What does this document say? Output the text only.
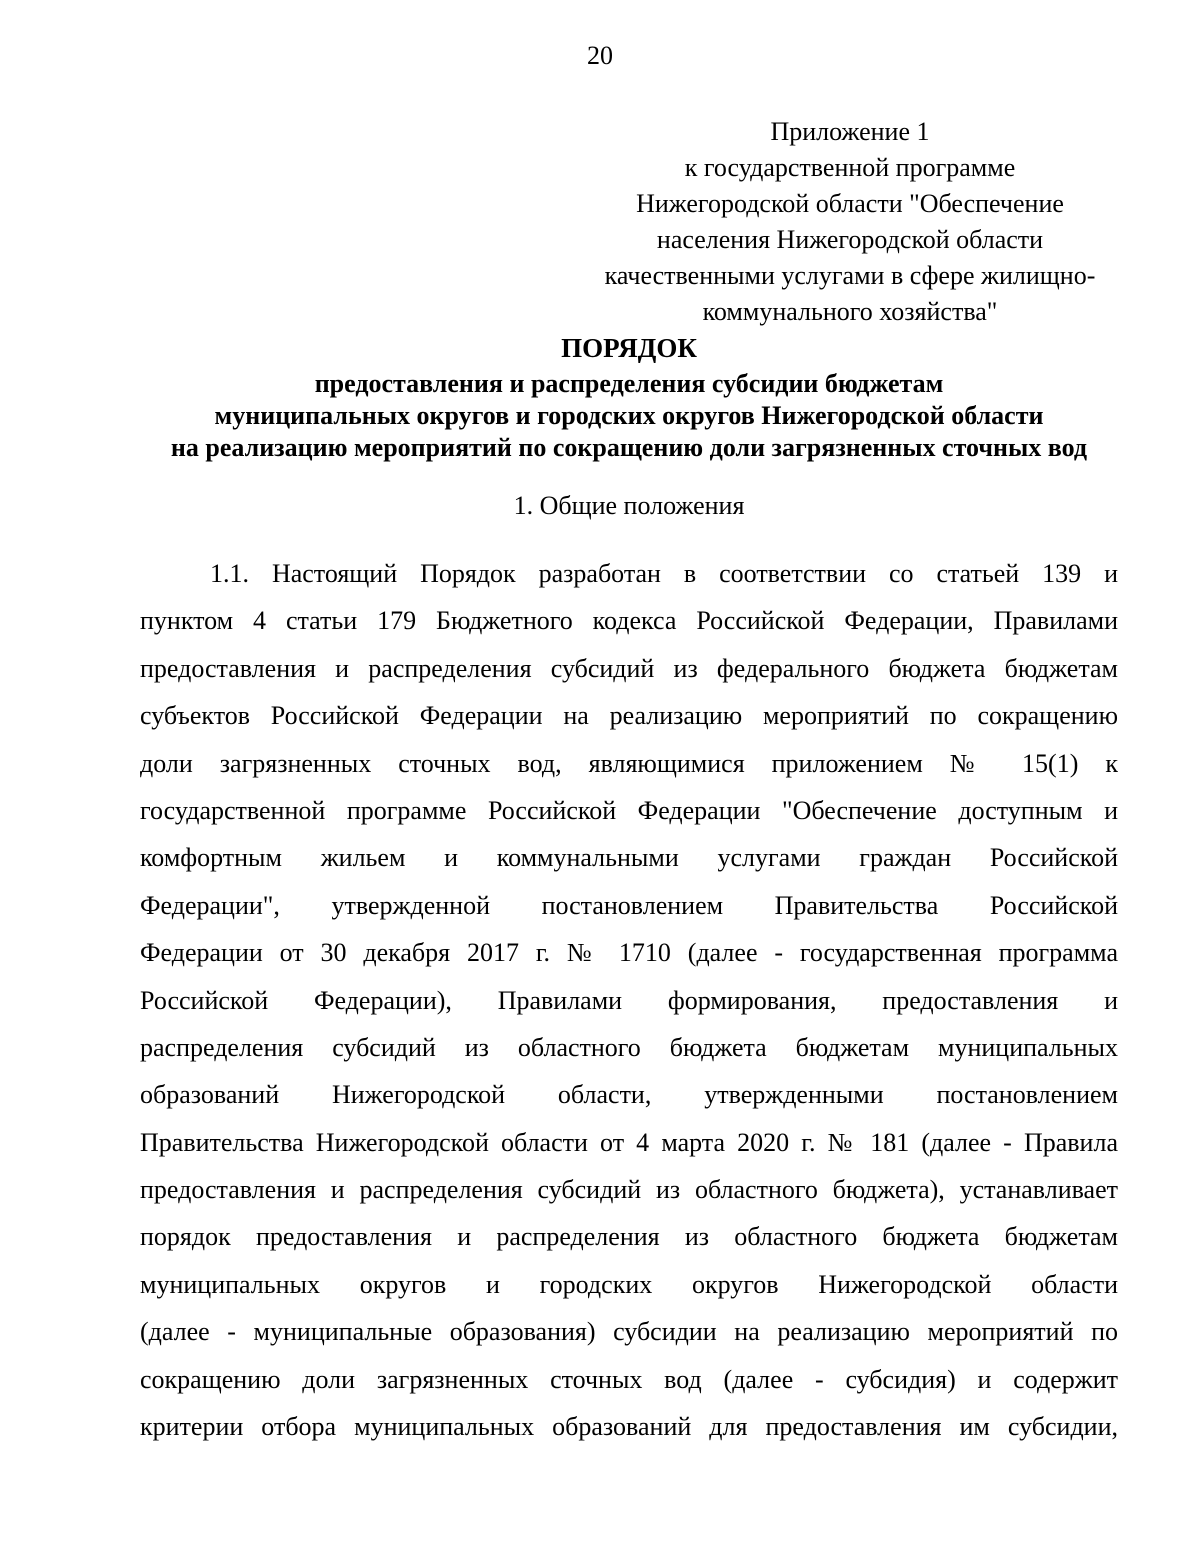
20
Приложение 1
к государственной программе
Нижегородской области "Обеспечение
населения Нижегородской области
качественными услугами в сфере жилищно-
коммунального хозяйства"
ПОРЯДОК
предоставления и распределения субсидии бюджетам
муниципальных округов и городских округов Нижегородской области
на реализацию мероприятий по сокращению доли загрязненных сточных вод
1. Общие положения
1.1. Настоящий Порядок разработан в соответствии со статьей 139 и
пунктом 4 статьи 179 Бюджетного кодекса Российской Федерации, Правилами
предоставления и распределения субсидий из федерального бюджета бюджетам
субъектов Российской Федерации на реализацию мероприятий по сокращению
доли загрязненных сточных вод, являющимися приложением № 15(1) к
государственной программе Российской Федерации "Обеспечение доступным и
комфортным жильем и коммунальными услугами граждан Российской
Федерации", утвержденной постановлением Правительства Российской
Федерации от 30 декабря 2017 г. № 1710 (далее - государственная программа
Российской Федерации), Правилами формирования, предоставления и
распределения субсидий из областного бюджета бюджетам муниципальных
образований Нижегородской области, утвержденными постановлением
Правительства Нижегородской области от 4 марта 2020 г. № 181 (далее - Правила
предоставления и распределения субсидий из областного бюджета), устанавливает
порядок предоставления и распределения из областного бюджета бюджетам
муниципальных округов и городских округов Нижегородской области
(далее - муниципальные образования) субсидии на реализацию мероприятий по
сокращению доли загрязненных сточных вод (далее - субсидия) и содержит
критерии отбора муниципальных образований для предоставления им субсидии,
